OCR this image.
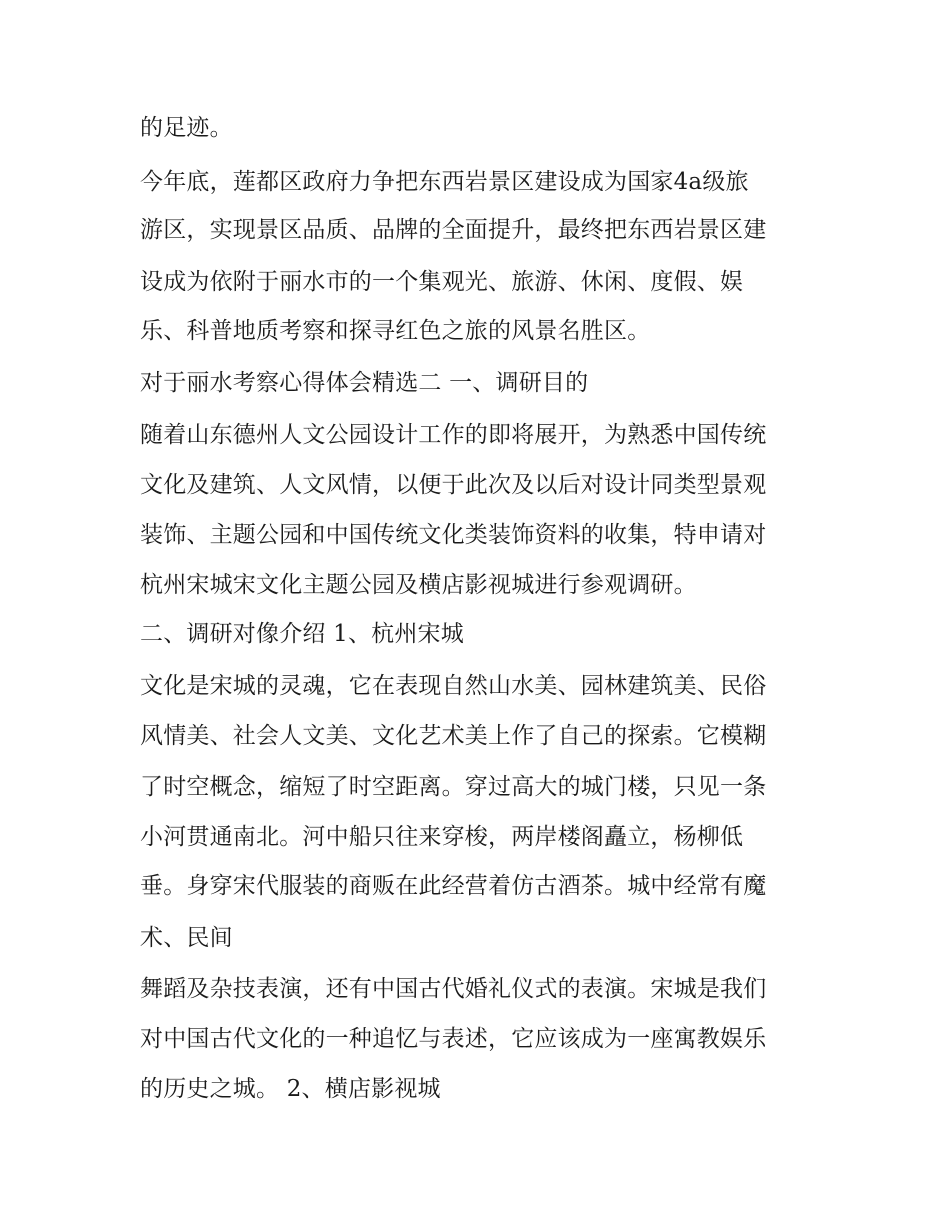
的足迹。
今年底，莲都区政府力争把东西岩景区建设成为国家4a级旅
游区，实现景区品质、品牌的全面提升，最终把东西岩景区建
设成为依附于丽水市的一个集观光、旅游、休闲、度假、娱
乐、科普地质考察和探寻红色之旅的风景名胜区。
对于丽水考察心得体会精选二 一、调研目的
随着山东德州人文公园设计工作的即将展开，为熟悉中国传统
文化及建筑、人文风情，以便于此次及以后对设计同类型景观
装饰、主题公园和中国传统文化类装饰资料的收集，特申请对
杭州宋城宋文化主题公园及横店影视城进行参观调研。
二、调研对像介绍 1、杭州宋城
文化是宋城的灵魂，它在表现自然山水美、园林建筑美、民俗
风情美、社会人文美、文化艺术美上作了自己的探索。它模糊
了时空概念，缩短了时空距离。穿过高大的城门楼，只见一条
小河贯通南北。河中船只往来穿梭，两岸楼阁矗立，杨柳低
垂。身穿宋代服装的商贩在此经营着仿古酒茶。城中经常有魔
术、民间
舞蹈及杂技表演，还有中国古代婚礼仪式的表演。宋城是我们
对中国古代文化的一种追忆与表述，它应该成为一座寓教娱乐
的历史之城。 2、横店影视城
